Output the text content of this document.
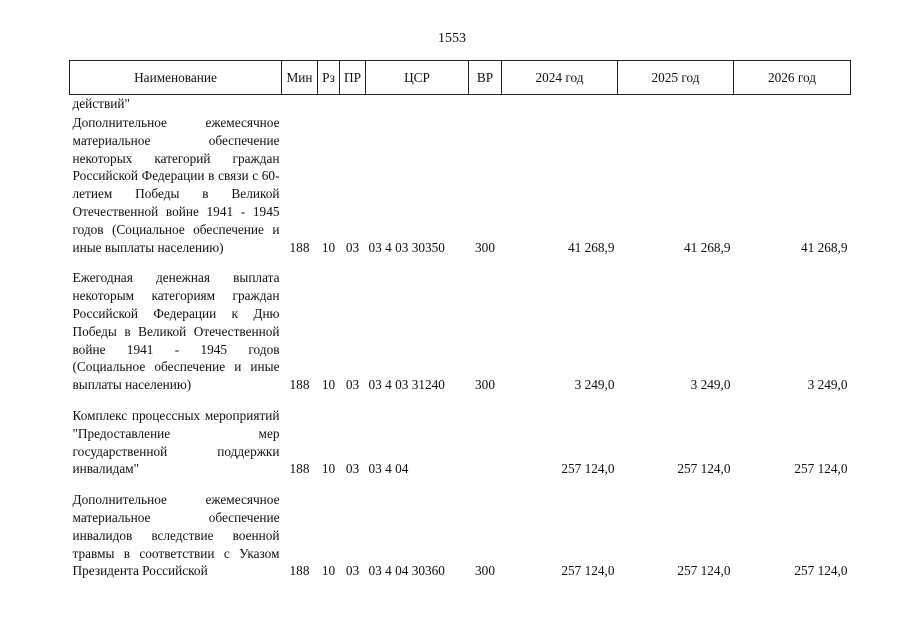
1553
Наименование	Мин	Рз	ПР	ЦСР	ВР	2024 год	2025 год	2026 год
действий"								
Дополнительное ежемесячное материальное обеспечение некоторых категорий граждан Российской Федерации в связи с 60-летием Победы в Великой Отечественной войне 1941 - 1945 годов (Социальное обеспечение и иные выплаты населению)	188	10	03	03 4 03 30350	300	41 268,9	41 268,9	41 268,9
Ежегодная денежная выплата некоторым категориям граждан Российской Федерации к Дню Победы в Великой Отечественной войне 1941 - 1945 годов (Социальное обеспечение и иные выплаты населению)	188	10	03	03 4 03 31240	300	3 249,0	3 249,0	3 249,0
Комплекс процессных мероприятий "Предоставление мер государственной поддержки инвалидам"	188	10	03	03 4 04		257 124,0	257 124,0	257 124,0
Дополнительное ежемесячное материальное обеспечение инвалидов вследствие военной травмы в соответствии с Указом Президента Российской	188	10	03	03 4 04 30360	300	257 124,0	257 124,0	257 124,0
